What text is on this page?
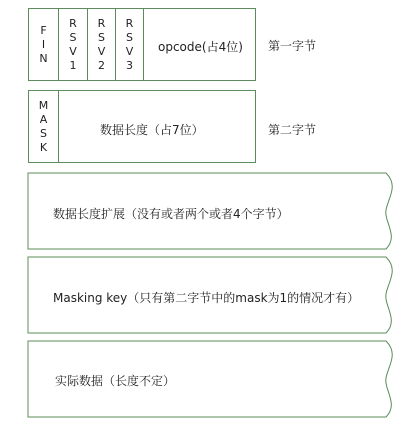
F
I
N
R
S
V
1
R
S
V
2
R
S
V
3
opcode(占4位) 第一字节
M
A
S
K
数据长度（占7位）	第二字节
数据长度扩展（没有或者两个或者4个字节）
Masking key（只有第二字节中的mask为1的情况才有）
实际数据（长度不定）
